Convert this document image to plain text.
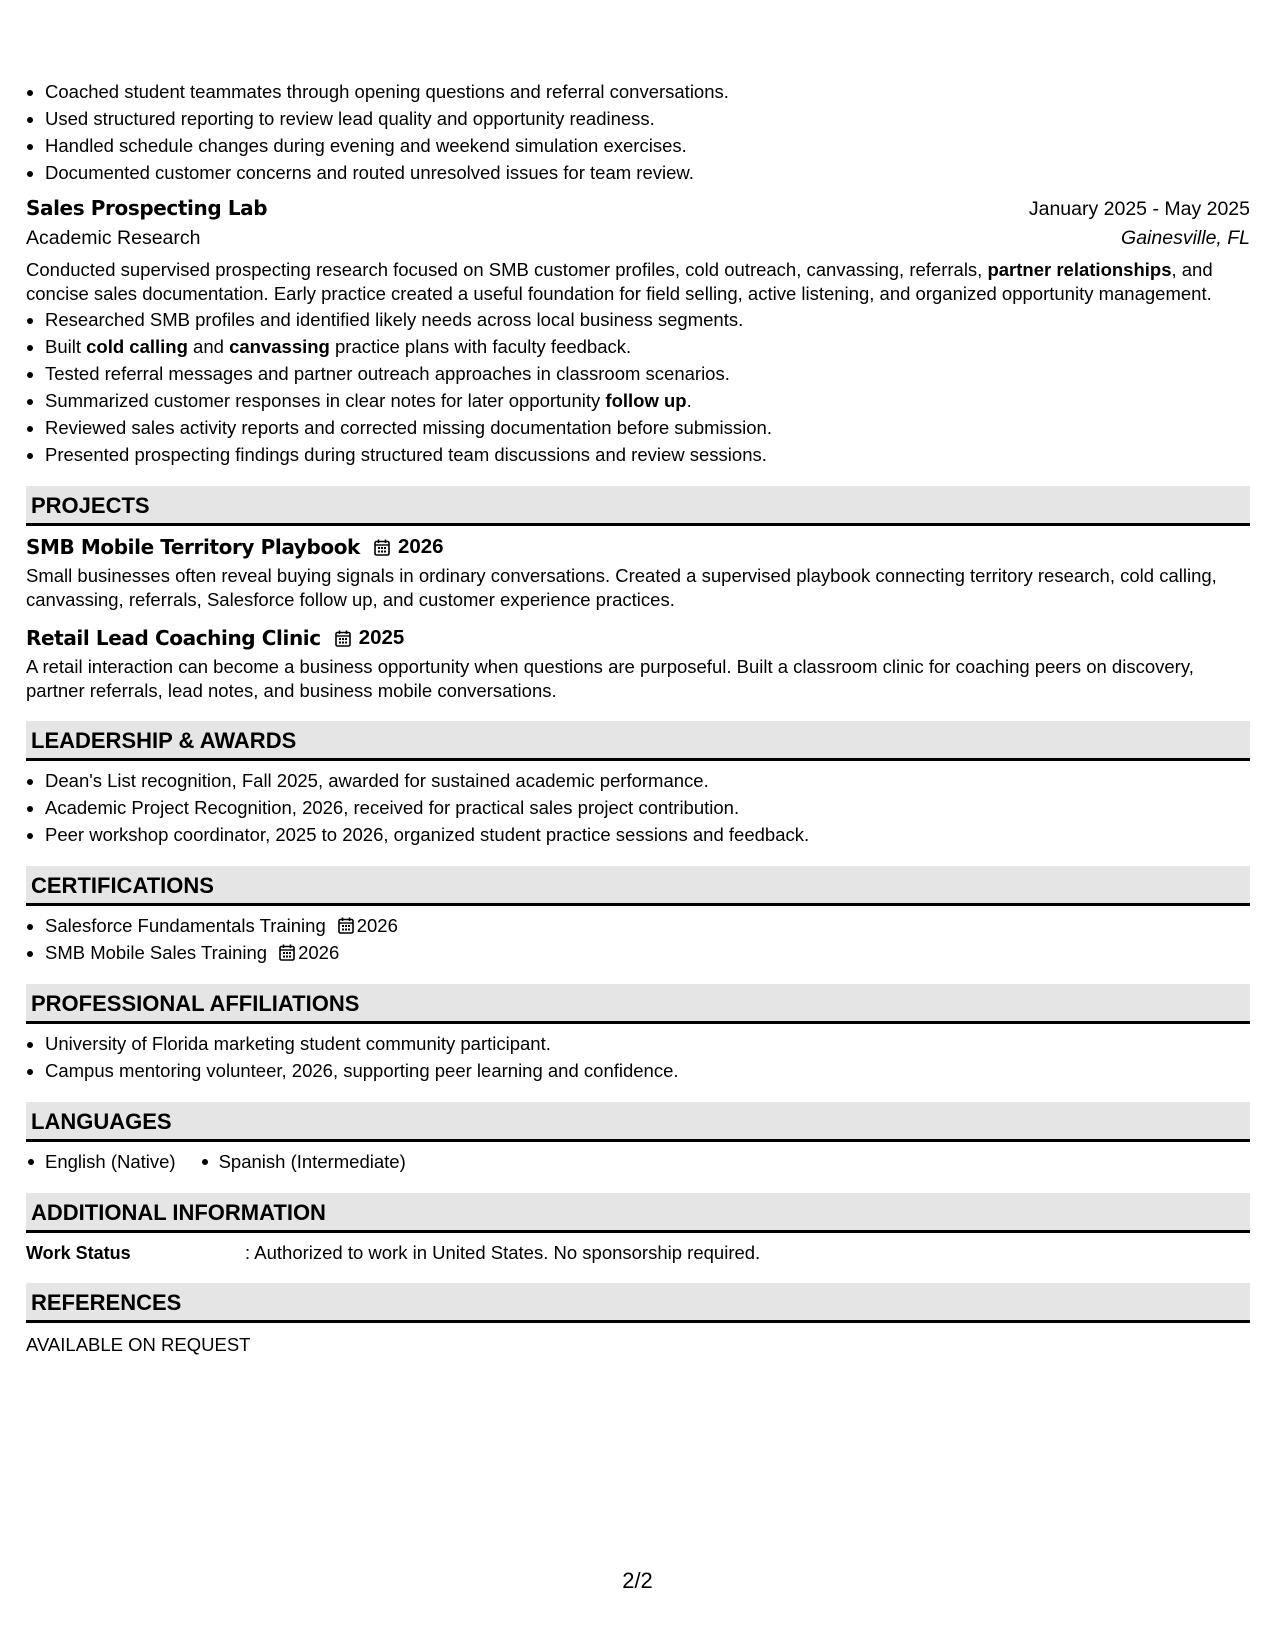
• Coached student teammates through opening questions and referral conversations.
• Used structured reporting to review lead quality and opportunity readiness.
• Handled schedule changes during evening and weekend simulation exercises.
• Documented customer concerns and routed unresolved issues for team review.
Sales Prospecting Lab	January 2025 - May 2025
Academic Research	Gainesville, FL
Conducted supervised prospecting research focused on SMB customer profiles, cold outreach, canvassing, referrals, partner relationships, and concise sales documentation. Early practice created a useful foundation for field selling, active listening, and organized opportunity management.
• Researched SMB profiles and identified likely needs across local business segments.
• Built cold calling and canvassing practice plans with faculty feedback.
• Tested referral messages and partner outreach approaches in classroom scenarios.
• Summarized customer responses in clear notes for later opportunity follow up.
• Reviewed sales activity reports and corrected missing documentation before submission.
• Presented prospecting findings during structured team discussions and review sessions.
PROJECTS
SMB Mobile Territory Playbook 2026
Small businesses often reveal buying signals in ordinary conversations. Created a supervised playbook connecting territory research, cold calling, canvassing, referrals, Salesforce follow up, and customer experience practices.
Retail Lead Coaching Clinic 2025
A retail interaction can become a business opportunity when questions are purposeful. Built a classroom clinic for coaching peers on discovery, partner referrals, lead notes, and business mobile conversations.
LEADERSHIP & AWARDS
• Dean's List recognition, Fall 2025, awarded for sustained academic performance.
• Academic Project Recognition, 2026, received for practical sales project contribution.
• Peer workshop coordinator, 2025 to 2026, organized student practice sessions and feedback.
CERTIFICATIONS
• Salesforce Fundamentals Training 2026
• SMB Mobile Sales Training 2026
PROFESSIONAL AFFILIATIONS
• University of Florida marketing student community participant.
• Campus mentoring volunteer, 2026, supporting peer learning and confidence.
LANGUAGES
English (Native)	Spanish (Intermediate)
ADDITIONAL INFORMATION
Work Status	: Authorized to work in United States. No sponsorship required.
REFERENCES
AVAILABLE ON REQUEST
2/2
